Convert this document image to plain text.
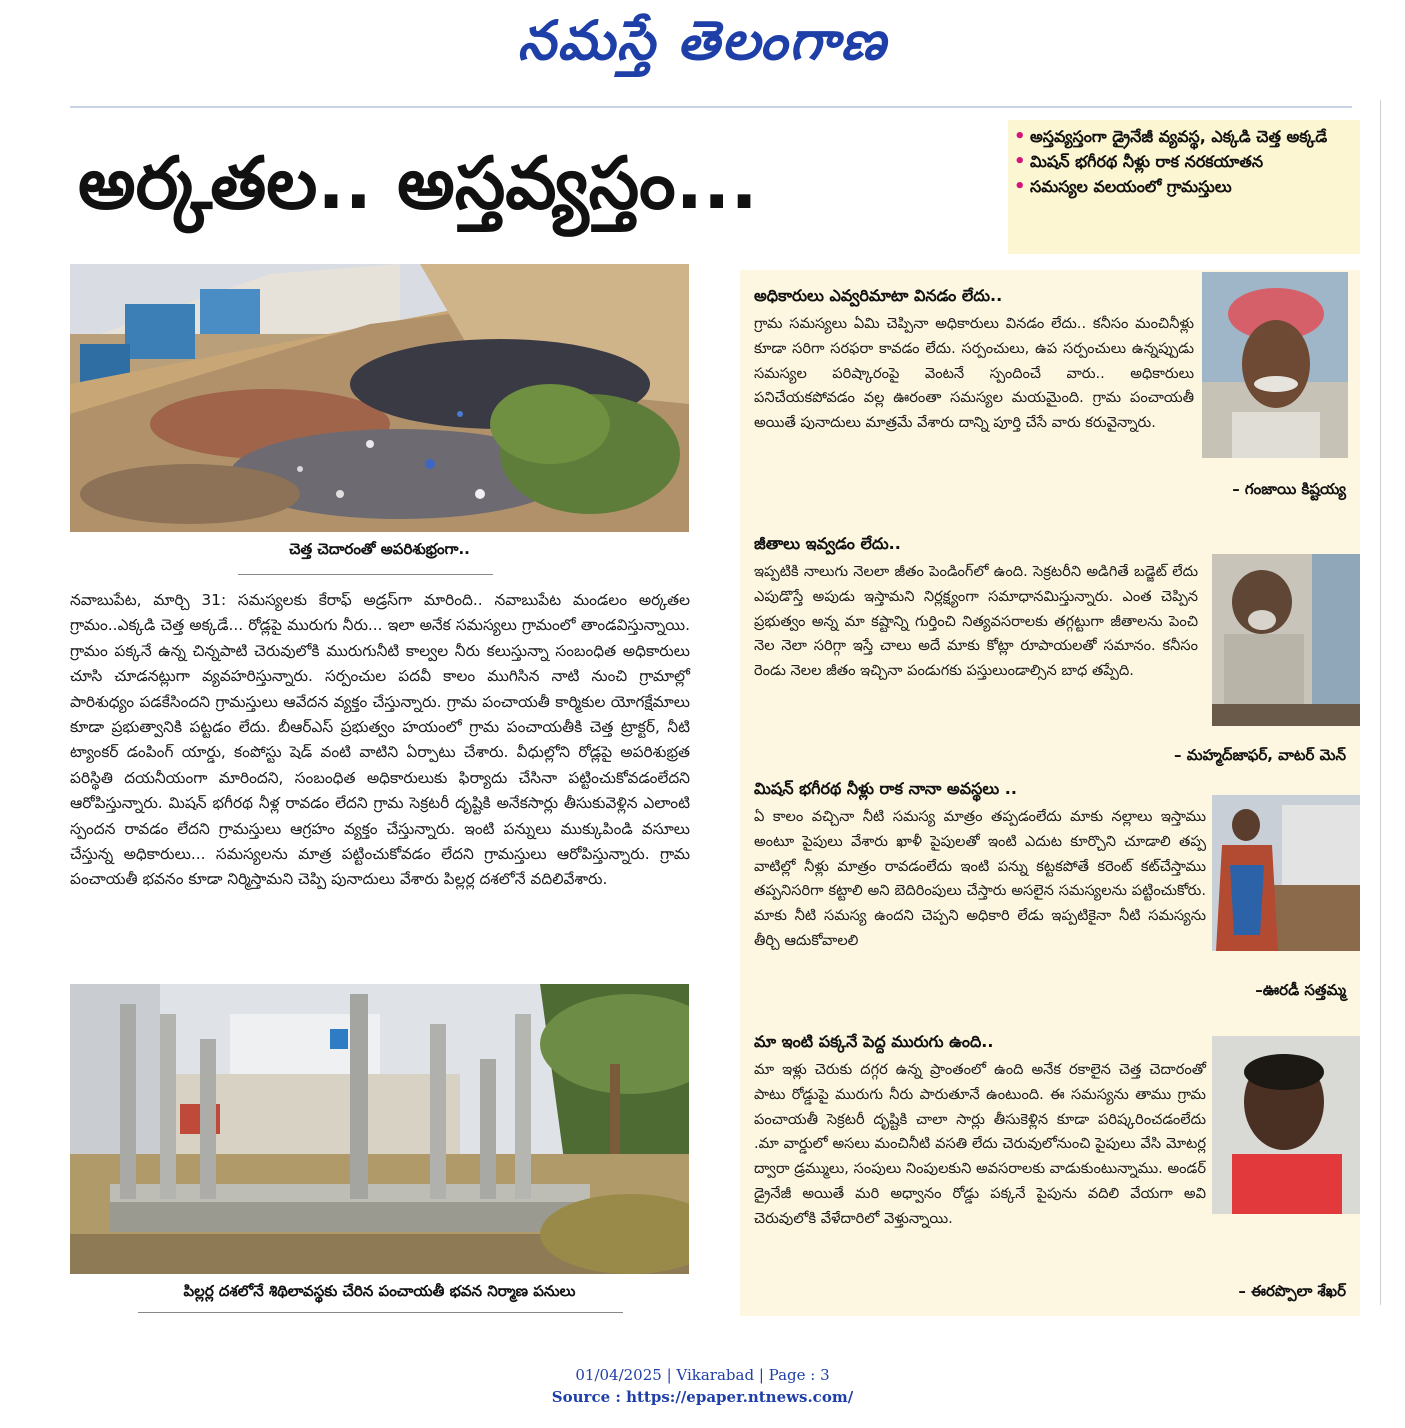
నమస్తే తెలంగాణ
అర్కతల.. అస్తవ్యస్తం...
• అస్తవ్యస్తంగా డ్రైనేజీ వ్యవస్థ, ఎక్కడి చెత్త అక్కడే
• మిషన్ భగీరథ నీళ్లు రాక నరకయాతన
• సమస్యల వలయంలో గ్రామస్తులు
చెత్త చెదారంతో అపరిశుభ్రంగా..
నవాబుపేట, మార్చి 31: సమస్యలకు కేరాఫ్ అడ్రస్‌గా మారింది.. నవాబుపేట మండలం అర్కతల గ్రామం..ఎక్కడి చెత్త అక్కడే... రోడ్లపై మురుగు నీరు... ఇలా అనేక సమస్యలు గ్రామంలో తాండవిస్తున్నాయి. గ్రామం పక్కనే ఉన్న చిన్నపాటి చెరువులోకి మురుగునీటి కాల్వల నీరు కలుస్తున్నా సంబంధిత అధికారులు చూసి చూడనట్లుగా వ్యవహరిస్తున్నారు. సర్పంచుల పదవీ కాలం ముగిసిన నాటి నుంచి గ్రామాల్లో పారిశుధ్యం పడకేసిందని గ్రామస్తులు ఆవేదన వ్యక్తం చేస్తున్నారు. గ్రామ పంచాయతీ కార్మికుల యోగక్షేమాలు కూడా ప్రభుత్వానికి పట్టడం లేదు. బీఆర్‌ఎస్ ప్రభుత్వం హయంలో గ్రామ పంచాయతీకి చెత్త ట్రాక్టర్, నీటి ట్యాంకర్ డంపింగ్ యార్డు, కంపోస్టు షెడ్ వంటి వాటిని ఏర్పాటు చేశారు. వీధుల్లోని రోడ్లపై అపరిశుభ్రత పరిస్థితి దయనీయంగా మారిందని, సంబంధిత అధికారులుకు ఫిర్యాదు చేసినా పట్టించుకోవడంలేదని ఆరోపిస్తున్నారు. మిషన్ భగీరథ నీళ్ల రావడం లేదని గ్రామ సెక్రటరీ దృష్టికి అనేకసార్లు తీసుకువెళ్లిన ఎలాంటి స్పందన రావడం లేదని గ్రామస్తులు ఆగ్రహం వ్యక్తం చేస్తున్నారు. ఇంటి పన్నులు ముక్కుపిండి వసూలు చేస్తున్న అధికారులు... సమస్యలను మాత్ర పట్టించుకోవడం లేదని గ్రామస్తులు ఆరోపిస్తున్నారు. గ్రామ పంచాయతీ భవనం కూడా నిర్మిస్తామని చెప్పి పునాదులు వేశారు పిల్లర్ల దశలోనే వదిలివేశారు.
పిల్లర్ల దశలోనే శిథిలావస్థకు చేరిన పంచాయతీ భవన నిర్మాణ పనులు
అధికారులు ఎవ్వరిమాటా వినడం లేదు..
గ్రామ సమస్యలు ఏమి చెప్పినా అధికారులు వినడం లేదు.. కనీసం మంచినీళ్లు కూడా సరిగా సరఫరా కావడం లేదు. సర్పంచులు, ఉప సర్పంచులు ఉన్నప్పుడు సమస్యల పరిష్కారంపై వెంటనే స్పందించే వారు.. అధికారులు పనిచేయకపోవడం వల్ల ఊరంతా సమస్యల మయమైంది. గ్రామ పంచాయతీ అయితే పునాదులు మాత్రమే వేశారు దాన్ని పూర్తి చేసే వారు కరువైన్నారు.
– గంజాయి కిష్టయ్య
జీతాలు ఇవ్వడం లేదు..
ఇప్పటికి నాలుగు నెలలా జీతం పెండింగ్‌లో ఉంది. సెక్రటరీని అడిగితే బడ్జెట్ లేదు ఎపుడొస్తే అపుడు ఇస్తామని నిర్లక్ష్యంగా సమాధానమిస్తున్నారు. ఎంత చెప్పిన ప్రభుత్వం అన్న మా కష్టాన్ని గుర్తించి నిత్యవసరాలకు తగ్గట్టుగా జీతాలను పెంచి నెల నెలా సరిగ్గా ఇస్తే చాలు అదే మాకు కోట్లా రూపాయలతో సమానం. కనీసం రెండు నెలల జీతం ఇచ్చినా పండుగకు పస్తులుండాల్సిన బాధ తప్పేది.
– మహ్మద్‌జాఫర్, వాటర్ మెన్
మిషన్ భగీరథ నీళ్లు రాక నానా అవస్థలు ..
ఏ కాలం వచ్చినా నీటి సమస్య మాత్రం తప్పడంలేదు మాకు నల్లాలు ఇస్తాము అంటూ పైపులు వేశారు ఖాళీ పైపులతో ఇంటి ఎదుట కూర్చొని చూడాలి తప్ప వాటిల్లో నీళ్లు మాత్రం రావడంలేదు ఇంటి పన్ను కట్టకపోతే కరెంట్ కట్‌చేస్తాము తప్పనిసరిగా కట్టాలి అని బెదిరింపులు చేస్తారు అసలైన సమస్యలను పట్టించుకోరు. మాకు నీటి సమస్య ఉందని చెప్పని అధికారి లేడు ఇప్పటికైనా నీటి సమస్యను తీర్చి ఆదుకోవాలలి
–ఊరడీ సత్తమ్మ
మా ఇంటి పక్కనే పెద్ద మురుగు ఉంది..
మా ఇళ్లు చెరుకు దగ్గర ఉన్న ప్రాంతంలో ఉంది అనేక రకాలైన చెత్త చెదారంతో పాటు రోడ్డుపై మురుగు నీరు పారుతూనే ఉంటుంది. ఈ సమస్యను తాము గ్రామ పంచాయతీ సెక్రటరీ దృష్టికి చాలా సార్లు తీసుకెళ్లిన కూడా పరిష్కరించడంలేదు .మా వార్డులో అసలు మంచినీటి వసతి లేదు చెరువులోనుంచి పైపులు వేసి మోటర్ల ద్వారా డ్రమ్ములు, సంపులు నింపులకుని అవసరాలకు వాడుకుంటున్నాము. అండర్ డ్రైనేజీ అయితే మరి అధ్వానం రోడ్డు పక్కనే పైపును వదిలి వేయగా అవి చెరువులోకి వేళేదారిలో వెళ్తున్నాయి.
– ఈరప్పొలా శేఖర్
01/04/2025 | Vikarabad | Page : 3
Source : https://epaper.ntnews.com/
